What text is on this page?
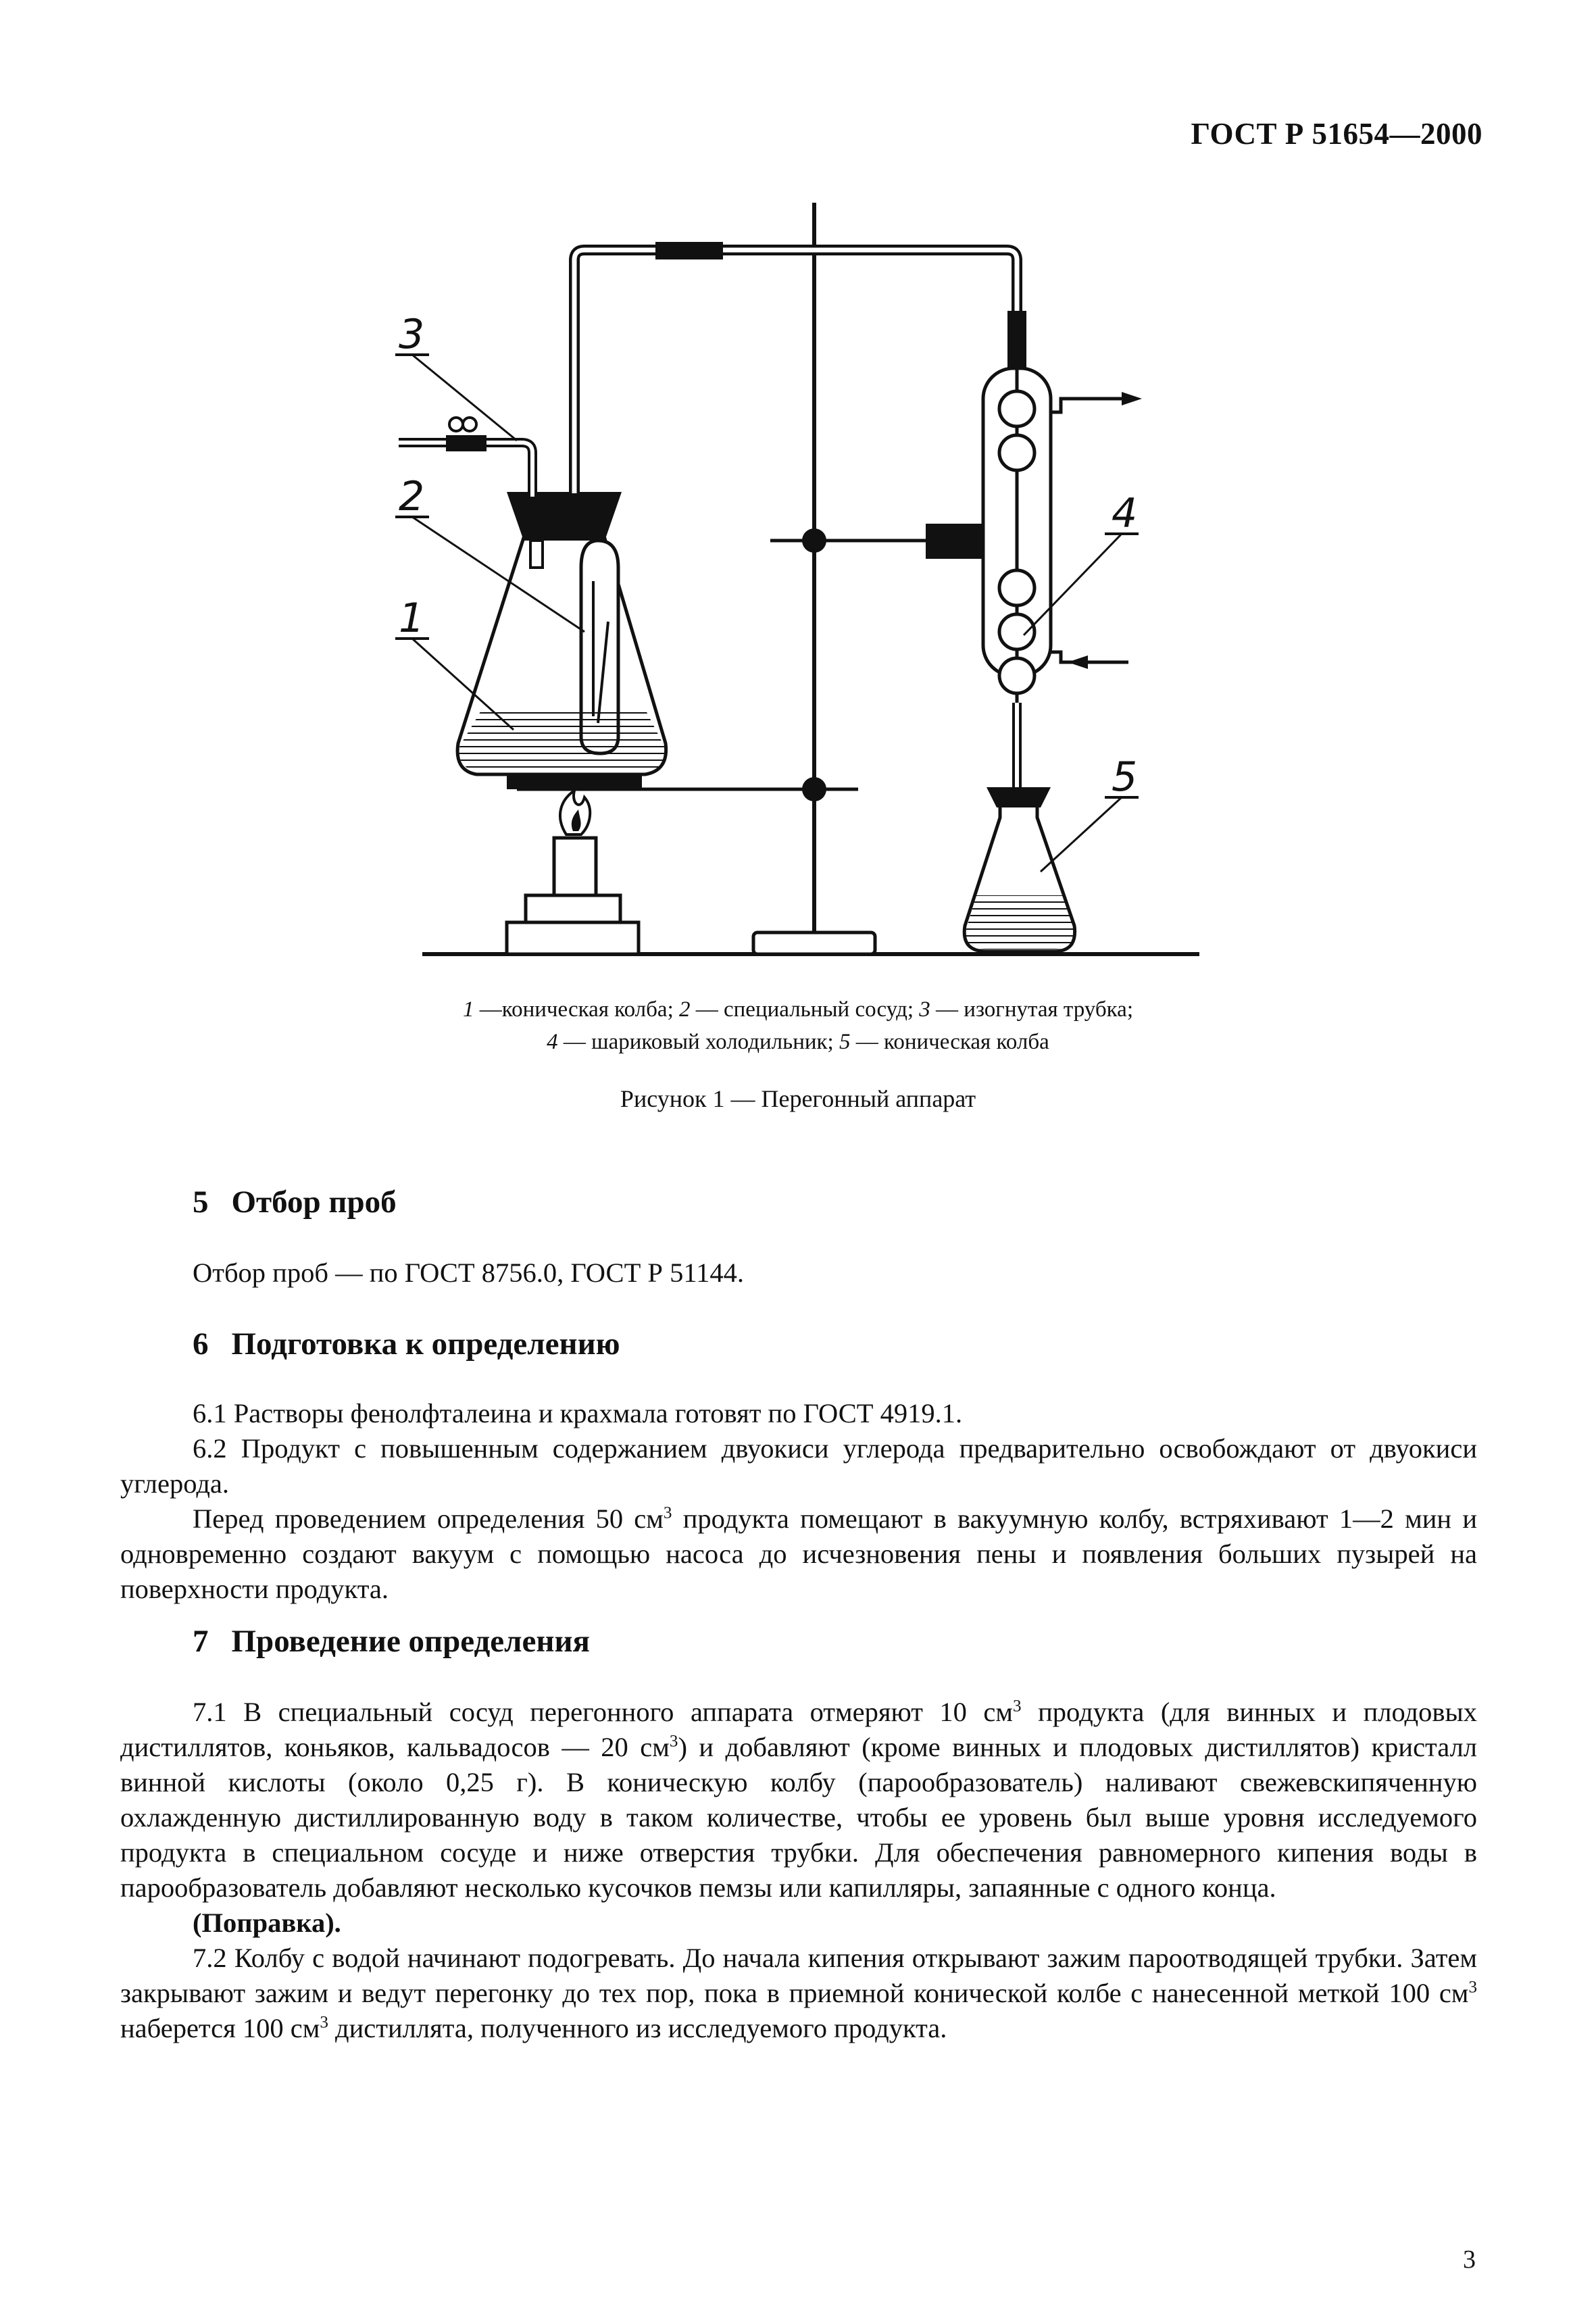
ГОСТ Р 51654—2000
3
2
1
4
5
1 —коническая колба; 2 — специальный сосуд; 3 — изогнутая трубка;
4 — шариковый холодильник; 5 — коническая колба
Рисунок 1 — Перегонный аппарат
5 Отбор проб
Отбор проб — по ГОСТ 8756.0, ГОСТ Р 51144.
6 Подготовка к определению

6.1 Растворы фенолфталеина и крахмала готовят по ГОСТ 4919.1.

6.2 Продукт с повышенным содержанием двуокиси углерода предварительно освобождают от двуокиси углерода.

Перед проведением определения 50 $см^3$ продукта помещают в вакуумную колбу, встряхивают 1—2 мин и одновременно создают вакуум с помощью насоса до исчезновения пены и появления больших пузырей на поверхности продукта.

7 Проведение определения

7.1 В специальный сосуд перегонного аппарата отмеряют 10 $см^3$ продукта (для винных и плодовых дистиллятов, коньяков, кальвадосов — 20 $см^3$) и добавляют (кроме винных и плодовых дистиллятов) кристалл винной кислоты (около 0,25 г). В коническую колбу (парообразователь) наливают свежевскипяченную охлажденную дистиллированную воду в таком количестве, чтобы ее уровень был выше уровня исследуемого продукта в специальном сосуде и ниже отверстия трубки. Для обеспечения равномерного кипения воды в парообразователь добавляют несколько кусочков пемзы или капилляры, запаянные с одного конца.

(Поправка).

7.2 Колбу с водой начинают подогревать. До начала кипения открывают зажим пароотводящей трубки. Затем закрывают зажим и ведут перегонку до тех пор, пока в приемной конической колбе с нанесенной меткой 100 $см^3$ наберется 100 $см^3$ дистиллята, полученного из исследуемого продукта.

3
